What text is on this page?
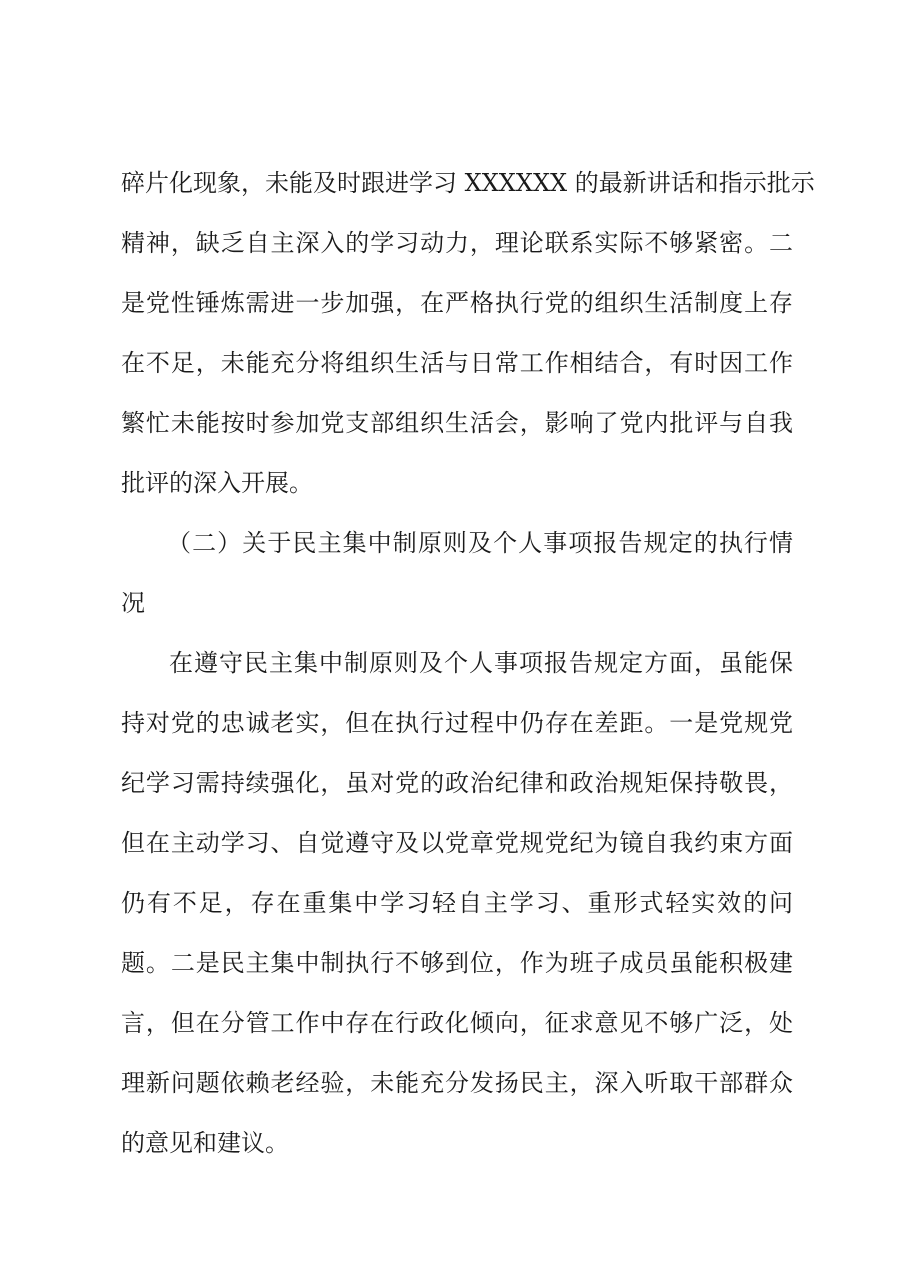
碎片化现象，未能及时跟进学习 XXXXXX 的最新讲话和指示批示
精神，缺乏自主深入的学习动力，理论联系实际不够紧密。二
是党性锤炼需进一步加强，在严格执行党的组织生活制度上存
在不足，未能充分将组织生活与日常工作相结合，有时因工作
繁忙未能按时参加党支部组织生活会，影响了党内批评与自我
批评的深入开展。
（二）关于民主集中制原则及个人事项报告规定的执行情
况
在遵守民主集中制原则及个人事项报告规定方面，虽能保
持对党的忠诚老实，但在执行过程中仍存在差距。一是党规党
纪学习需持续强化，虽对党的政治纪律和政治规矩保持敬畏，
但在主动学习、自觉遵守及以党章党规党纪为镜自我约束方面
仍有不足，存在重集中学习轻自主学习、重形式轻实效的问
题。二是民主集中制执行不够到位，作为班子成员虽能积极建
言，但在分管工作中存在行政化倾向，征求意见不够广泛，处
理新问题依赖老经验，未能充分发扬民主，深入听取干部群众
的意见和建议。
